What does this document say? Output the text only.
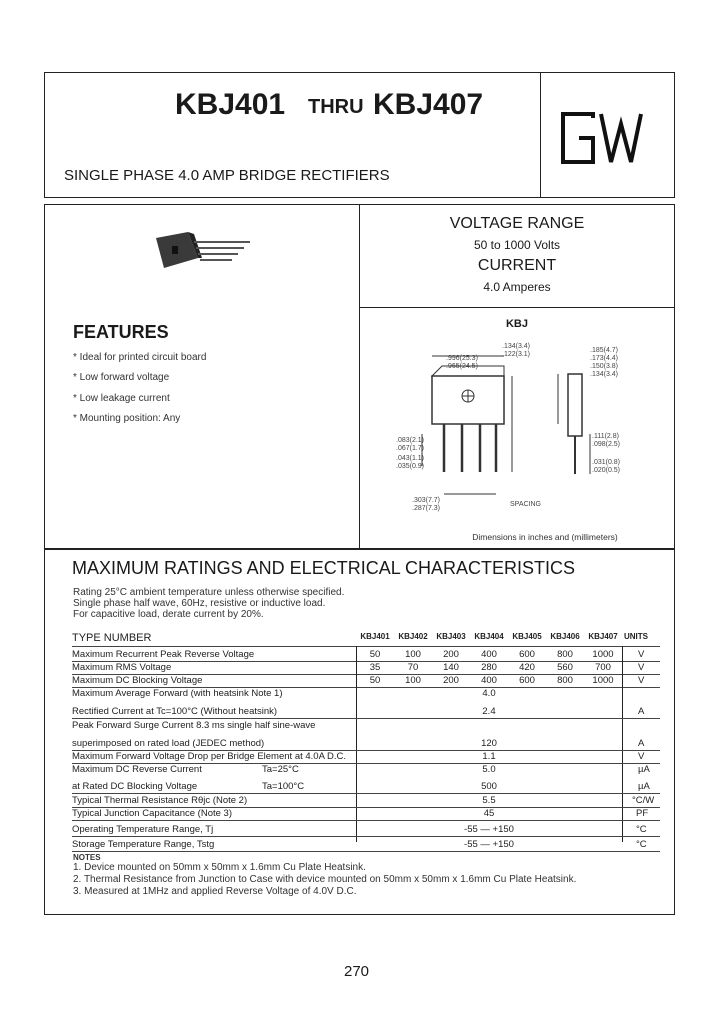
KBJ401 THRU KBJ407
SINGLE PHASE 4.0 AMP BRIDGE RECTIFIERS
VOLTAGE RANGE
50 to 1000 Volts
CURRENT
4.0 Amperes
FEATURES
* Ideal for printed circuit board
* Low forward voltage
* Low leakage current
* Mounting position: Any
KBJ
.134(3.4)
.122(3.1)
.996(25.3)
.965(24.5)
.185(4.7)
.173(4.4)
.150(3.8)
.134(3.4)
.083(2.1)
.067(1.7)
.043(1.1)
.035(0.9)
.303(7.7)
.287(7.3)
.111(2.8)
.098(2.5)
.031(0.8)
.020(0.5)
SPACING
Dimensions in inches and (millimeters)
MAXIMUM RATINGS AND ELECTRICAL CHARACTERISTICS
Rating 25°C ambient temperature unless otherwise specified.
Single phase half wave, 60Hz, resistive or inductive load.
For capacitive load, derate current by 20%.
TYPE NUMBER	KBJ401	KBJ402	KBJ403	KBJ404	KBJ405	KBJ406	KBJ407 UNITS
Maximum Recurrent Peak Reverse Voltage	50	100	200	400	600	800	1000	V
Maximum RMS Voltage	35	70	140	280	420	560	700	V
Maximum DC Blocking Voltage	50	100	200	400	600	800	1000	V
Maximum Average Forward (with heatsink Note 1)	4.0
Rectified Current at Tc=100°C (Without heatsink)	2.4	A
Peak Forward Surge Current 8.3 ms single half sine-wave
superimposed on rated load (JEDEC method)	120	A
Maximum Forward Voltage Drop per Bridge Element at 4.0A D.C.	1.1	V
Maximum DC Reverse Current	Ta=25°C	5.0	µA
at Rated DC Blocking Voltage	Ta=100°C	500	µA
Typical Thermal Resistance Rθjc (Note 2)	5.5	°C/W
Typical Junction Capacitance (Note 3)	45	PF
Operating Temperature Range, Tj	-55 — +150	°C
Storage Temperature Range, Tstg	-55 — +150	°C
NOTES
1. Device mounted on 50mm x 50mm x 1.6mm Cu Plate Heatsink.
2. Thermal Resistance from Junction to Case with device mounted on 50mm x 50mm x 1.6mm Cu Plate Heatsink.
3. Measured at 1MHz and applied Reverse Voltage of 4.0V D.C.
270
